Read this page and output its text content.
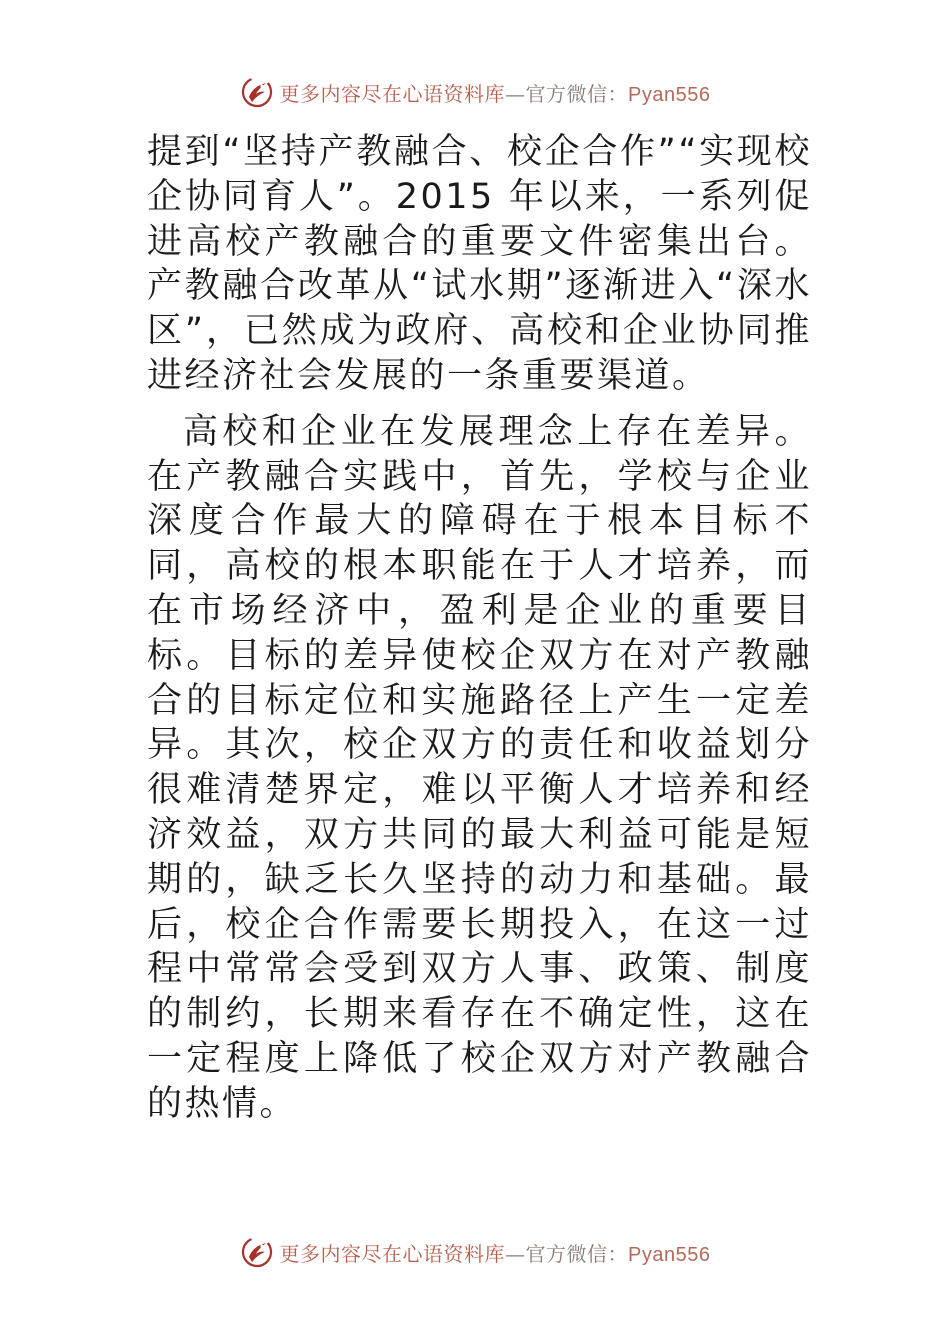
更多内容尽在心语资料库—官方微信：Pyan556

提到“坚持产教融合、校企合作”“实现校企协同育人”。2015 年以来，一系列促进高校产教融合的重要文件密集出台。产教融合改革从“试水期”逐渐进入“深水区”，已然成为政府、高校和企业协同推进经济社会发展的一条重要渠道。

高校和企业在发展理念上存在差异。在产教融合实践中，首先，学校与企业深度合作最大的障碍在于根本目标不同，高校的根本职能在于人才培养，而在市场经济中，盈利是企业的重要目标。目标的差异使校企双方在对产教融合的目标定位和实施路径上产生一定差异。其次，校企双方的责任和收益划分很难清楚界定，难以平衡人才培养和经济效益，双方共同的最大利益可能是短期的，缺乏长久坚持的动力和基础。最后，校企合作需要长期投入，在这一过程中常常会受到双方人事、政策、制度的制约，长期来看存在不确定性，这在一定程度上降低了校企双方对产教融合的热情。

更多内容尽在心语资料库—官方微信：Pyan556
